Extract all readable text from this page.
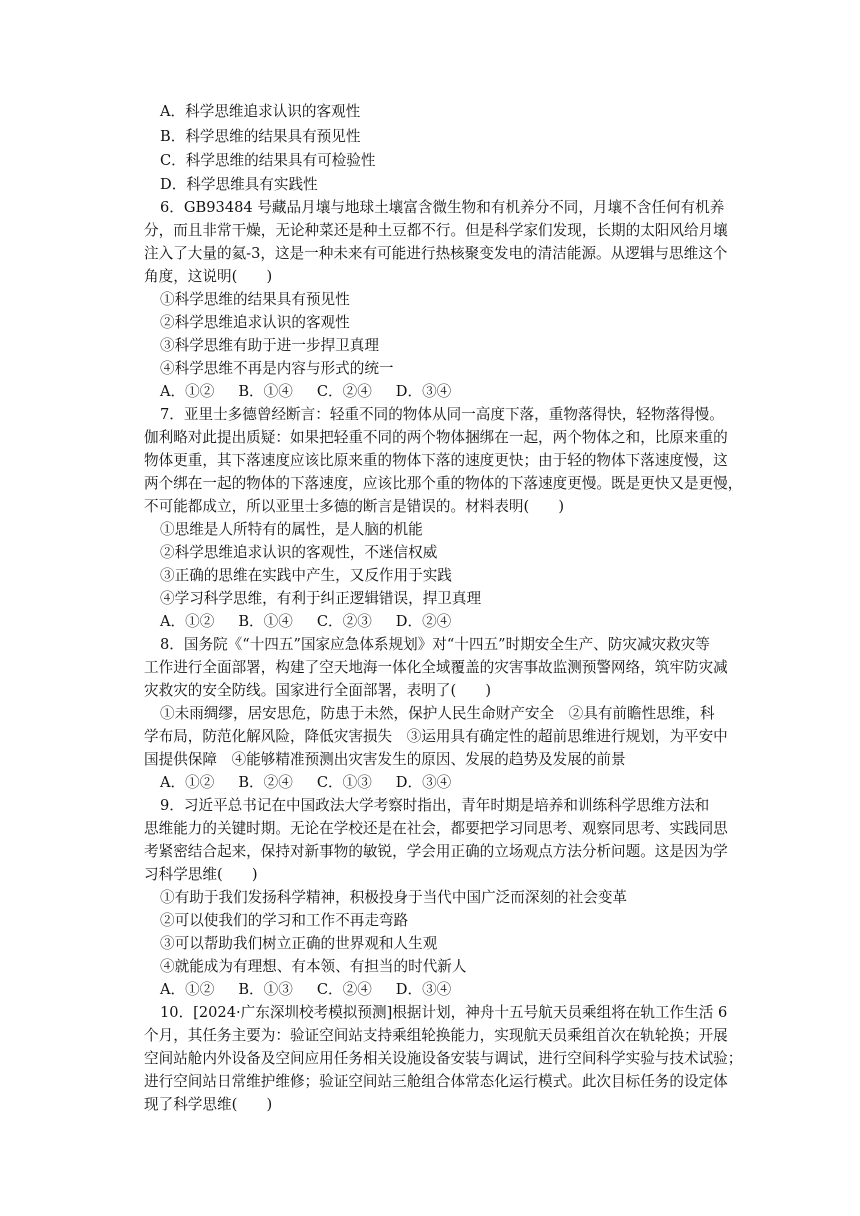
A．科学思维追求认识的客观性
B．科学思维的结果具有预见性
C．科学思维的结果具有可检验性
D．科学思维具有实践性
6．GB93484 号藏品月壤与地球土壤富含微生物和有机养分不同，月壤不含任何有机养
分，而且非常干燥，无论种菜还是种土豆都不行。但是科学家们发现，长期的太阳风给月壤
注入了大量的氦-3，这是一种未来有可能进行热核聚变发电的清洁能源。从逻辑与思维这个
角度，这说明(　　)
①科学思维的结果具有预见性
②科学思维追求认识的客观性
③科学思维有助于进一步捍卫真理
④科学思维不再是内容与形式的统一
A．①② B．①④ C．②④ D．③④
7．亚里士多德曾经断言：轻重不同的物体从同一高度下落，重物落得快，轻物落得慢。
伽利略对此提出质疑：如果把轻重不同的两个物体捆绑在一起，两个物体之和，比原来重的
物体更重，其下落速度应该比原来重的物体下落的速度更快；由于轻的物体下落速度慢，这
两个绑在一起的物体的下落速度，应该比那个重的物体的下落速度更慢。既是更快又是更慢，
不可能都成立，所以亚里士多德的断言是错误的。材料表明(　　)
①思维是人所特有的属性，是人脑的机能
②科学思维追求认识的客观性，不迷信权威
③正确的思维在实践中产生，又反作用于实践
④学习科学思维，有利于纠正逻辑错误，捍卫真理
A．①② B．①④ C．②③ D．②④
8．国务院《“十四五”国家应急体系规划》对“十四五”时期安全生产、防灾减灾救灾等
工作进行全面部署，构建了空天地海一体化全域覆盖的灾害事故监测预警网络，筑牢防灾减
灾救灾的安全防线。国家进行全面部署，表明了(　　)
①未雨绸缪，居安思危，防患于未然，保护人民生命财产安全　②具有前瞻性思维，科
学布局，防范化解风险，降低灾害损失　③运用具有确定性的超前思维进行规划，为平安中
国提供保障　④能够精准预测出灾害发生的原因、发展的趋势及发展的前景
A．①② B．②④ C．①③ D．③④
9．习近平总书记在中国政法大学考察时指出，青年时期是培养和训练科学思维方法和
思维能力的关键时期。无论在学校还是在社会，都要把学习同思考、观察同思考、实践同思
考紧密结合起来，保持对新事物的敏锐，学会用正确的立场观点方法分析问题。这是因为学
习科学思维(　　)
①有助于我们发扬科学精神，积极投身于当代中国广泛而深刻的社会变革
②可以使我们的学习和工作不再走弯路
③可以帮助我们树立正确的世界观和人生观
④就能成为有理想、有本领、有担当的时代新人
A．①② B．①③ C．②④ D．③④
10．[2024·广东深圳校考模拟预测]根据计划，神舟十五号航天员乘组将在轨工作生活 6
个月，其任务主要为：验证空间站支持乘组轮换能力，实现航天员乘组首次在轨轮换；开展
空间站舱内外设备及空间应用任务相关设施设备安装与调试，进行空间科学实验与技术试验；
进行空间站日常维护维修；验证空间站三舱组合体常态化运行模式。此次目标任务的设定体
现了科学思维(　　)
